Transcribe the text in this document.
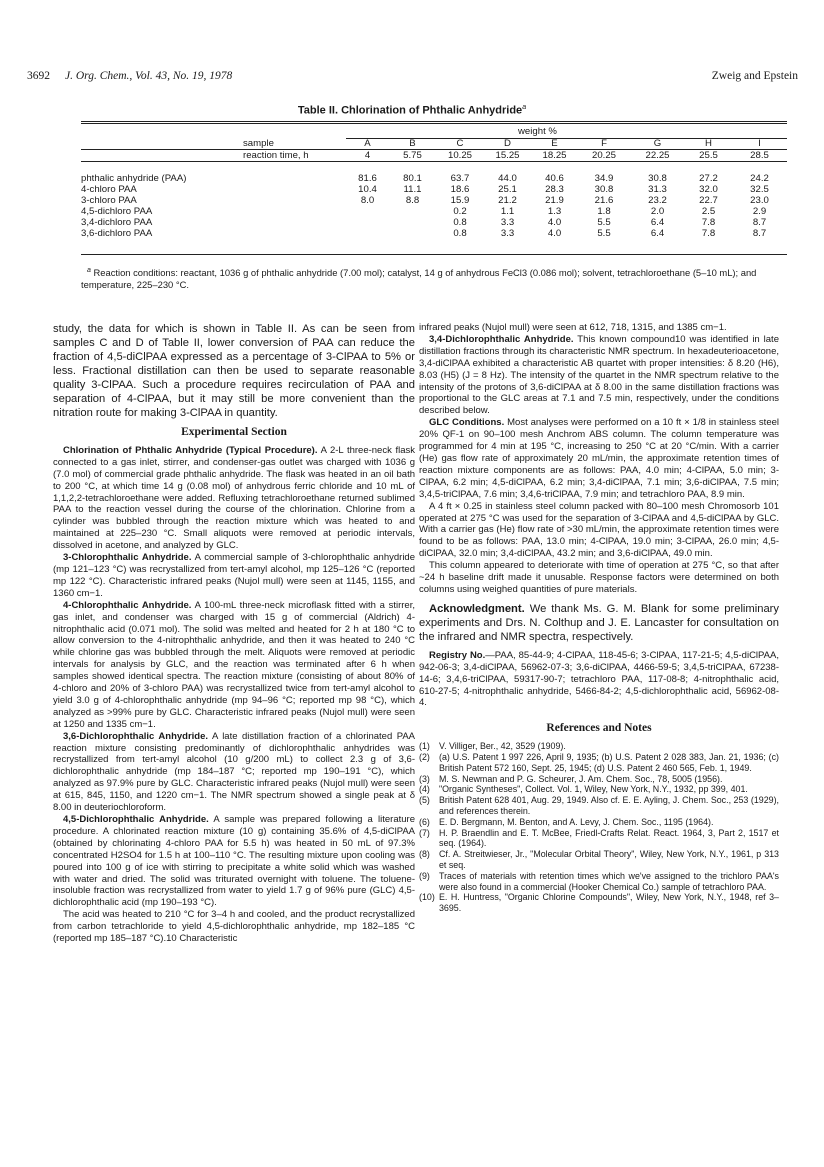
3692	J. Org. Chem., Vol. 43, No. 19, 1978	Zweig and Epstein
Table II. Chlorination of Phthalic Anhydride$^a$
weight %

	sample	A	B	C	D	E	F	G	H	I
	reaction time, h	4	5.75	10.25	15.25	18.25	20.25	22.25	25.5	28.5

phthalic anhydride (PAA)		81.6	80.1	63.7	44.0	40.6	34.9	30.8	27.2	24.2
4-chloro PAA		10.4	11.1	18.6	25.1	28.3	30.8	31.3	32.0	32.5
3-chloro PAA		8.0	8.8	15.9	21.2	21.9	21.6	23.2	22.7	23.0
4,5-dichloro PAA				0.2	1.1	1.3	1.8	2.0	2.5	2.9
3,4-dichloro PAA				0.8	3.3	4.0	5.5	6.4	7.8	8.7
3,6-dichloro PAA				0.8	3.3	4.0	5.5	6.4	7.8	8.7
$^a$ Reaction conditions: reactant, 1036 g of phthalic anhydride (7.00 mol); catalyst, 14 g of anhydrous FeCl3 (0.086 mol); solvent, tetrachloroethane (5–10 mL); and temperature, 225–230 °C.

study, the data for which is shown in Table II. As can be seen from samples C and D of Table II, lower conversion of PAA can reduce the fraction of 4,5-diClPAA expressed as a percentage of 3-ClPAA to 5% or less. Fractional distillation can then be used to separate reasonable quality 3-ClPAA. Such a procedure requires recirculation of PAA and separation of 4-ClPAA, but it may still be more convenient than the nitration route for making 3-ClPAA in quantity.

Experimental Section

Chlorination of Phthalic Anhydride (Typical Procedure). A 2-L three-neck flask connected to a gas inlet, stirrer, and condenser-gas outlet was charged with 1036 g (7.0 mol) of commercial grade phthalic anhydride. The flask was heated in an oil bath to 200 °C, at which time 14 g (0.08 mol) of anhydrous ferric chloride and 10 mL of 1,1,2,2-tetrachloroethane were added. Refluxing tetrachloroethane returned sublimed PAA to the reaction vessel during the course of the chlorination. Chlorine from a cylinder was bubbled through the reaction mixture which was heated to and maintained at 225–230 °C. Small aliquots were removed at periodic intervals, dissolved in acetone, and analyzed by GLC.

3-Chlorophthalic Anhydride. A commercial sample of 3-chlorophthalic anhydride (mp 121–123 °C) was recrystallized from tert-amyl alcohol, mp 125–126 °C (reported mp 122 °C). Characteristic infrared peaks (Nujol mull) were seen at 1145, 1155, and 1360 cm−1.

4-Chlorophthalic Anhydride. A 100-mL three-neck microflask fitted with a stirrer, gas inlet, and condenser was charged with 15 g of commercial (Aldrich) 4-nitrophthalic acid (0.071 mol). The solid was melted and heated for 2 h at 180 °C to allow conversion to the 4-nitrophthalic anhydride, and then it was heated to 240 °C while chlorine gas was bubbled through the melt. Aliquots were removed at periodic intervals for analysis by GLC, and the reaction was terminated after 6 h when samples showed identical spectra. The reaction mixture (consisting of about 80% of 4-chloro and 20% of 3-chloro PAA) was recrystallized twice from tert-amyl alcohol to yield 3.0 g of 4-chlorophthalic anhydride (mp 94–96 °C; reported mp 98 °C), which analyzed as >99% pure by GLC. Characteristic infrared peaks (Nujol mull) were seen at 1250 and 1335 cm−1.

3,6-Dichlorophthalic Anhydride. A late distillation fraction of a chlorinated PAA reaction mixture consisting predominantly of dichlorophthalic anhydrides was recrystallized from tert-amyl alcohol (10 g/200 mL) to collect 2.3 g of 3,6-dichlorophthalic anhydride (mp 184–187 °C; reported mp 190–191 °C), which analyzed as 97.9% pure by GLC. Characteristic infrared peaks (Nujol mull) were seen at 615, 845, 1150, and 1220 cm−1. The NMR spectrum showed a single peak at δ 8.00 in deuteriochloroform.

4,5-Dichlorophthalic Anhydride. A sample was prepared following a literature procedure. A chlorinated reaction mixture (10 g) containing 35.6% of 4,5-diClPAA (obtained by chlorinating 4-chloro PAA for 5.5 h) was heated in 50 mL of 97.3% concentrated H2SO4 for 1.5 h at 100–110 °C. The resulting mixture upon cooling was poured into 100 g of ice with stirring to precipitate a white solid which was washed with water and dried. The solid was triturated overnight with toluene. The toluene-insoluble fraction was recrystallized from water to yield 1.7 g of 96% pure (GLC) 4,5-dichlorophthalic acid (mp 190–193 °C).

The acid was heated to 210 °C for 3–4 h and cooled, and the product recrystallized from carbon tetrachloride to yield 4,5-dichlorophthalic anhydride, mp 182–185 °C (reported mp 185–187 °C).10 Characteristic

infrared peaks (Nujol mull) were seen at 612, 718, 1315, and 1385 cm−1.

3,4-Dichlorophthalic Anhydride. This known compound10 was identified in late distillation fractions through its characteristic NMR spectrum. In hexadeuterioacetone, 3,4-diClPAA exhibited a characteristic AB quartet with proper intensities: δ 8.20 (H6), 8.03 (H5) (J = 8 Hz). The intensity of the quartet in the NMR spectrum relative to the intensity of the protons of 3,6-diClPAA at δ 8.00 in the same distillation fractions was proportional to the GLC areas at 7.1 and 7.5 min, respectively, under the conditions described below.

GLC Conditions. Most analyses were performed on a 10 ft × 1/8 in stainless steel 20% QF-1 on 90–100 mesh Anchrom ABS column. The column temperature was programmed for 4 min at 195 °C, increasing to 250 °C at 20 °C/min. With a carrier (He) gas flow rate of approximately 20 mL/min, the approximate retention times of reaction mixture components are as follows: PAA, 4.0 min; 4-ClPAA, 5.0 min; 3-ClPAA, 6.2 min; 4,5-diClPAA, 6.2 min; 3,4-diClPAA, 7.1 min; 3,6-diClPAA, 7.5 min; 3,4,5-triClPAA, 7.6 min; 3,4,6-triClPAA, 7.9 min; and tetrachloro PAA, 8.9 min.

A 4 ft × 0.25 in stainless steel column packed with 80–100 mesh Chromosorb 101 operated at 275 °C was used for the separation of 3-ClPAA and 4,5-diClPAA by GLC. With a carrier gas (He) flow rate of >30 mL/min, the approximate retention times were found to be as follows: PAA, 13.0 min; 4-ClPAA, 19.0 min; 3-ClPAA, 26.0 min; 4,5-diClPAA, 32.0 min; 3,4-diClPAA, 43.2 min; and 3,6-diClPAA, 49.0 min.

This column appeared to deteriorate with time of operation at 275 °C, so that after ~24 h baseline drift made it unusable. Response factors were determined on both columns using weighed quantities of pure materials.

Acknowledgment. We thank Ms. G. M. Blank for some preliminary experiments and Drs. N. Colthup and J. E. Lancaster for consultation on the infrared and NMR spectra, respectively.

Registry No.—PAA, 85-44-9; 4-ClPAA, 118-45-6; 3-ClPAA, 117-21-5; 4,5-diClPAA, 942-06-3; 3,4-diClPAA, 56962-07-3; 3,6-diClPAA, 4466-59-5; 3,4,5-triClPAA, 67238-14-6; 3,4,6-triClPAA, 59317-90-7; tetrachloro PAA, 117-08-8; 4-nitrophthalic acid, 610-27-5; 4-nitrophthalic anhydride, 5466-84-2; 4,5-dichlorophthalic acid, 56962-08-4.

References and Notes
(1) V. Villiger, Ber., 42, 3529 (1909).
(2) (a) U.S. Patent 1 997 226, April 9, 1935; (b) U.S. Patent 2 028 383, Jan. 21, 1936; (c) British Patent 572 160, Sept. 25, 1945; (d) U.S. Patent 2 460 565, Feb. 1, 1949.
(3) M. S. Newman and P. G. Scheurer, J. Am. Chem. Soc., 78, 5005 (1956).
(4) "Organic Syntheses", Collect. Vol. 1, Wiley, New York, N.Y., 1932, pp 399, 401.
(5) British Patent 628 401, Aug. 29, 1949. Also cf. E. E. Ayling, J. Chem. Soc., 253 (1929), and references therein.
(6) E. D. Bergmann, M. Benton, and A. Levy, J. Chem. Soc., 1195 (1964).
(7) H. P. Braendlin and E. T. McBee, Friedl-Crafts Relat. React. 1964, 3, Part 2, 1517 et seq. (1964).
(8) Cf. A. Streitwieser, Jr., "Molecular Orbital Theory", Wiley, New York, N.Y., 1961, p 313 et seq.
(9) Traces of materials with retention times which we've assigned to the trichloro PAA's were also found in a commercial (Hooker Chemical Co.) sample of tetrachloro PAA.
(10) E. H. Huntress, "Organic Chlorine Compounds", Wiley, New York, N.Y., 1948, ref 3–3695.
